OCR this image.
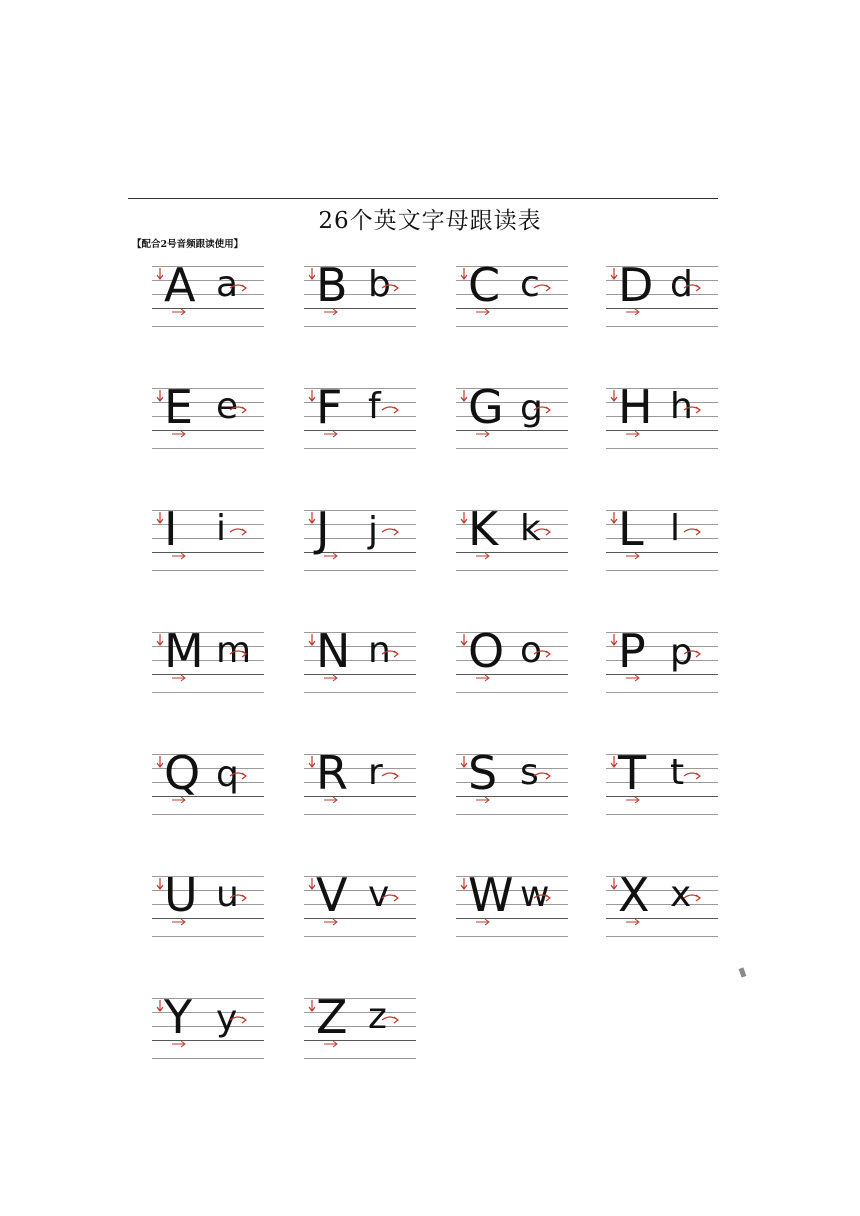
26个英文字母跟读表
【配合2号音频跟读使用】
A a B b C c D d
E e F f G g H h
I i J j K k L l
M m N n O o P p
Q q R r S s T t
U u V v W w X x
Y y Z z
